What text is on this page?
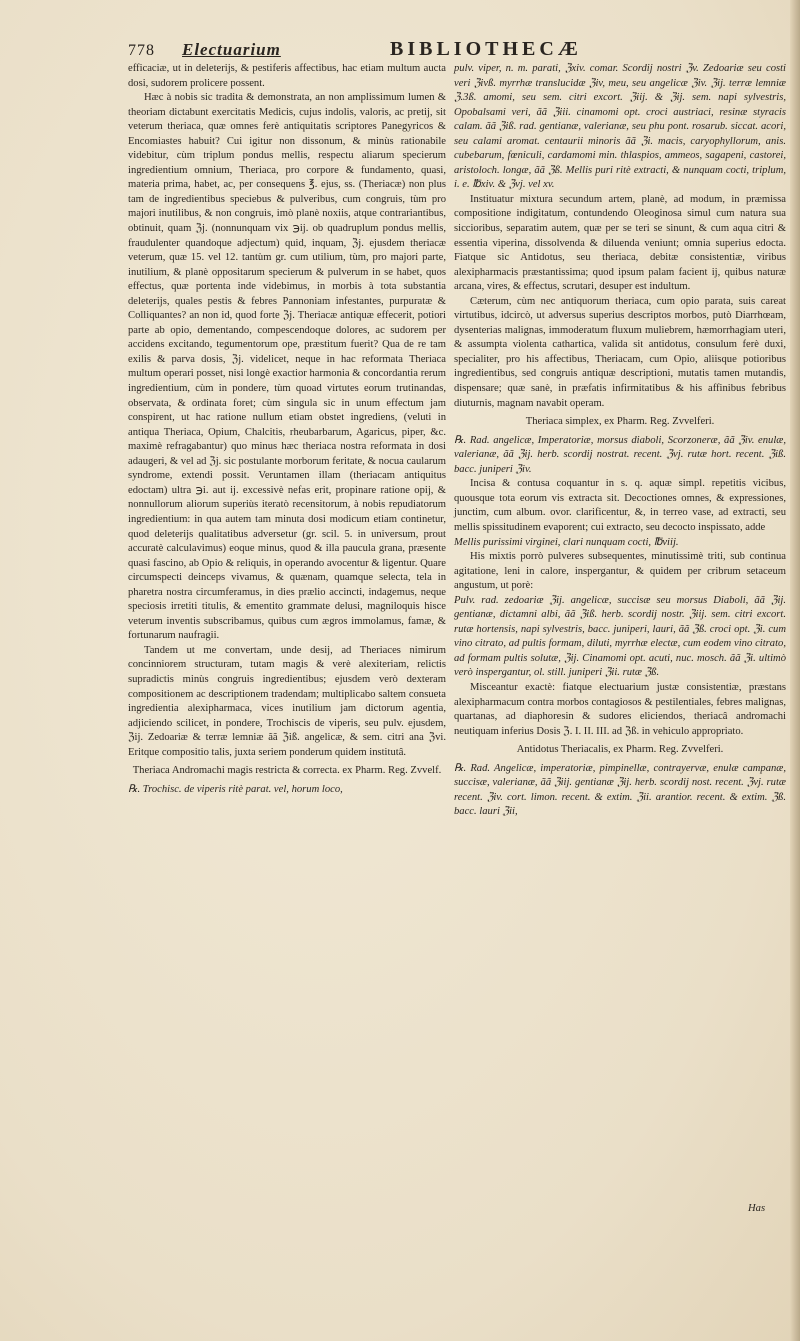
778 Electuarium	BIBLIOTHECÆ

efficaciæ, ut in deleterijs, & pestiferis affectibus, hac etiam multum aucta dosi, sudorem prolicere possent.

Hæc à nobis sic tradita & demonstrata, an non amplissimum lumen & theoriam dictabunt exercitatis Medicis, cujus indolis, valoris, ac pretij, sit veterum theriaca, quæ omnes ferè antiquitatis scriptores Panegyricos & Encomiastes habuit? Cui igitur non dissonum, & minùs rationabile videbitur, cùm triplum pondus mellis, respectu aliarum specierum ingredientium omnium, Theriaca, pro corpore & fundamento, quasi, materia prima, habet, ac, per consequens ℥. ejus, ss. (Theriacæ) non plus tam de ingredientibus speciebus & pulveribus, cum congruis, tùm pro majori inutilibus, & non congruis, imò planè noxiis, atque contrariantibus, obtinuit, quam ℨj. (nonnunquam vix ℈ij. ob quadruplum pondus mellis, fraudulenter quandoque adjectum) quid, inquam, ℨj. ejusdem theriacæ veterum, quæ 15. vel 12. tantùm gr. cum utilium, tùm, pro majori parte, inutilium, & planè oppositarum specierum & pulverum in se habet, quos effectus, quæ portenta inde videbimus, in morbis à tota substantia deleterijs, quales pestis & febres Pannoniam infestantes, purpuratæ & Colliquantes? an non id, quod forte ℨj. Theriacæ antiquæ effecerit, potiori parte ab opio, dementando, compescendoque dolores, ac sudorem per accidens excitando, tegumentorum ope, præstitum fuerit? Qua de re tam exilis & parva dosis, ℨj. videlicet, neque in hac reformata Theriaca multum operari posset, nisi longè exactior harmonia & concordantia rerum ingredientium, cùm in pondere, tùm quoad virtutes eorum trutinandas, observata, & ordinata foret; cùm singula sic in unum effectum jam conspirent, ut hac ratione nullum etiam obstet ingrediens, (veluti in antiqua Theriaca, Opium, Chalcitis, rheubarbarum, Agaricus, piper, &c. maximè refragabantur) quo minus hæc theriaca nostra reformata in dosi adaugeri, & vel ad ℨj. sic postulante morborum feritate, & nocua caularum syndrome, extendi possit. Veruntamen illam (theriacam antiquitus edoctam) ultra ℈i. aut ij. excessivè nefas erit, propinare ratione opij, & nonnullorum aliorum superiùs iteratò recensitorum, à nobis repudiatorum ingredientium: in qua autem tam minuta dosi modicum etiam continetur, quod deleterijs qualitatibus adversetur (gr. scil. 5. in universum, prout accuratè calculavimus) eoque minus, quod & illa paucula grana, præsente quasi fascino, ab Opio & reliquis, in operando avocentur & ligentur. Quare circumspecti deinceps vivamus, & quænam, quamque selecta, tela in pharetra nostra circumferamus, in dies prælio accincti, indagemus, neque speciosis irretiti titulis, & ementito grammate delusi, magniloquis hisce veterum inventis subscribamus, quibus cum ægros immolamus, famæ, & fortunarum naufragii.

Tandem ut me convertam, unde desij, ad Theriaces nimirum concinniorem structuram, tutam magis & verè alexiteriam, relictis supradictis minùs congruis ingredientibus; ejusdem verò dexteram compositionem ac descriptionem tradendam; multiplicabo saltem consueta ingredientia alexipharmaca, vices inutilium jam dictorum agentia, adjiciendo scilicet, in pondere, Trochiscis de viperis, seu pulv. ejusdem, ℨij. Zedoariæ & terræ lemniæ ãã ℨiß. angelicæ, & sem. citri ana ℨvi. Eritque compositio talis, juxta seriem ponderum quidem institutâ.

Theriaca Andromachi magis restricta & correcta. ex Pharm. Reg. Zvvelf.

℞. Trochisc. de viperis ritè parat. vel, horum loco,

pulv. viper, n. m. parati, ℨxiv. comar. Scordij nostri ℨv. Zedoariæ seu costi veri ℨivß. myrrhæ translucidæ ℨiv, meu, seu angelicæ ℨiv. ℨij. terræ lemniæ ℨ.3ß. amomi, seu sem. citri excort. ℨiij. & ℨij. sem. napi sylvestris, Opobalsami veri, ãã ℨiii. cinamomi opt. croci austriaci, resinæ styracis calam. ãã ℨiß. rad. gentianæ, valerianæ, seu phu pont. rosarub. siccat. acori, seu calami aromat. centaurii minoris ãã ℨi. macis, caryophyllorum, anis. cubebarum, fœniculi, cardamomi min. thlaspios, ammeos, sagapeni, castorei, aristoloch. longæ, ãã ℨß. Mellis puri ritè extracti, & nunquam cocti, triplum, i. e. ℔xiv. & ℨvj. vel xv.

Instituatur mixtura secundum artem, planè, ad modum, in præmissa compositione indigitatum, contundendo Oleoginosa simul cum natura sua siccioribus, separatim autem, quæ per se teri se sinunt, & cum aqua citri & essentia viperina, dissolvenda & diluenda veniunt; omnia superius edocta. Fiatque sic Antidotus, seu theriaca, debitæ consistentiæ, viribus alexipharmacis præstantissima; quod ipsum palam facient ij, quibus naturæ arcana, vires, & effectus, scrutari, desuper est indultum.

Cæterum, cùm nec antiquorum theriaca, cum opio parata, suis careat virtutibus, idcircò, ut adversus superius descriptos morbos, putò Diarrhœam, dysenterias malignas, immoderatum fluxum muliebrem, hæmorrhagiam uteri, & assumpta violenta cathartica, valida sit antidotus, consulum ferè duxi, specialiter, pro his affectibus, Theriacam, cum Opio, aliisque potioribus ingredientibus, sed congruis antiquæ descriptioni, mutatis tamen mutandis, dispensare; quæ sanè, in præfatis infirmitatibus & his affinibus febribus diuturnis, magnam navabit operam.

Theriaca simplex, ex Pharm. Reg. Zvvelferi.

℞. Rad. angelicæ, Imperatoriæ, morsus diaboli, Scorzoneræ, ãã ℨiv. enulæ, valerianæ, ãã ℨij. herb. scordij nostrat. recent. ℨvj. rutæ hort. recent. ℨiß. bacc. juniperi ℨiv.

Incisa & contusa coquantur in s. q. aquæ simpl. repetitis vicibus, quousque tota eorum vis extracta sit. Decoctiones omnes, & expressiones, junctim, cum album. ovor. clarificentur, &, in terreo vase, ad extracti, seu mellis spissitudinem evaporent; cui extracto, seu decocto inspissato, adde

Mellis purissimi virginei, clari nunquam cocti, ℔viij.

His mixtis porrò pulveres subsequentes, minutissimè triti, sub continua agitatione, leni in calore, inspergantur, & quidem per cribrum setaceum angustum, ut porè:

Pulv. rad. zedoariæ ℨij. angelicæ, succisæ seu morsus Diaboli, ãã ℨij. gentianæ, dictamni albi, ãã ℨiß. herb. scordij nostr. ℨiij. sem. citri excort. rutæ hortensis, napi sylvestris, bacc. juniperi, lauri, ãã ℨß. croci opt. ℨi. cum vino citrato, ad pultis formam, diluti, myrrhæ electæ, cum eodem vino citrato, ad formam pultis solutæ, ℨij. Cinamomi opt. acuti, nuc. mosch. ãã ℨi. ultimò verò inspergantur, ol. still. juniperi ℨii. rutæ ℨß.

Misceantur exactè: fiatque electuarium justæ consistentiæ, præstans alexipharmacum contra morbos contagiosos & pestilentiales, febres malignas, quartanas, ad diaphoresin & sudores eliciendos, theriacâ andromachi neutiquam inferius Dosis ℨ. I. II. III. ad ℨß. in vehiculo appropriato.

Antidotus Theriacalis, ex Pharm. Reg. Zvvelferi.

℞. Rad. Angelicæ, imperatoriæ, pimpinellæ, contrayervæ, enulæ campanæ, succisæ, valerianæ, ãã ℨiij. gentianæ ℨij. herb. scordij nost. recent. ℨvj. rutæ recent. ℨiv. cort. limon. recent. & extim. ℨii. arantior. recent. & extim. ℨß. bacc. lauri ℨii,

Has
